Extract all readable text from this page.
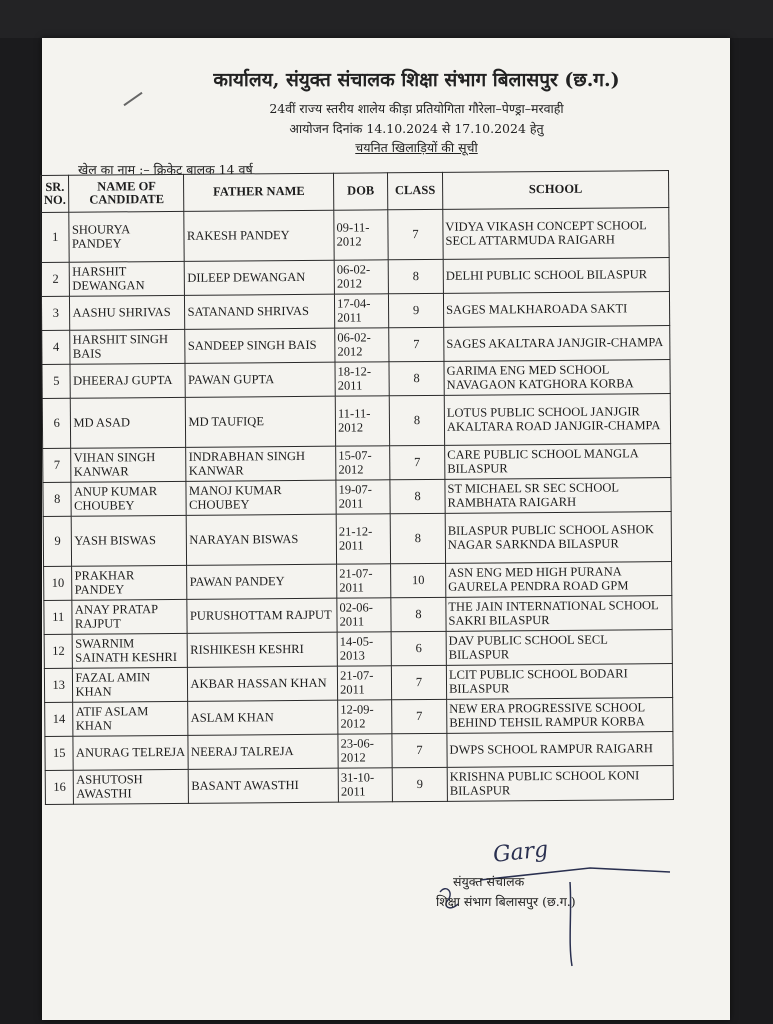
कार्यालय, संयुक्त संचालक शिक्षा संभाग बिलासपुर (छ.ग.)
24वीं राज्य स्तरीय शालेय कीड़ा प्रतियोगिता गौरेला–पेण्ड्रा–मरवाही
आयोजन दिनांक 14.10.2024 से 17.10.2024 हेतु
चयनित खिलाड़ियों की सूची
खेल का नाम :– क्रिकेट बालक 14 वर्ष
SR. NO.	NAME OF CANDIDATE	FATHER NAME	DOB	CLASS	SCHOOL
1	SHOURYA PANDEY	RAKESH PANDEY	09-11-2012	7	VIDYA VIKASH CONCEPT SCHOOL SECL ATTARMUDA RAIGARH
2	HARSHIT DEWANGAN	DILEEP DEWANGAN	06-02-2012	8	DELHI PUBLIC SCHOOL BILASPUR
3	AASHU SHRIVAS	SATANAND SHRIVAS	17-04-2011	9	SAGES MALKHAROADA SAKTI
4	HARSHIT SINGH BAIS	SANDEEP SINGH BAIS	06-02-2012	7	SAGES AKALTARA JANJGIR-CHAMPA
5	DHEERAJ GUPTA	PAWAN GUPTA	18-12-2011	8	GARIMA ENG MED SCHOOL NAVAGAON KATGHORA KORBA
6	MD ASAD	MD TAUFIQE	11-11-2012	8	LOTUS PUBLIC SCHOOL JANJGIR AKALTARA ROAD JANJGIR-CHAMPA
7	VIHAN SINGH KANWAR	INDRABHAN SINGH KANWAR	15-07-2012	7	CARE PUBLIC SCHOOL MANGLA BILASPUR
8	ANUP KUMAR CHOUBEY	MANOJ KUMAR CHOUBEY	19-07-2011	8	ST MICHAEL SR SEC SCHOOL RAMBHATA RAIGARH
9	YASH BISWAS	NARAYAN BISWAS	21-12-2011	8	BILASPUR PUBLIC SCHOOL ASHOK NAGAR SARKNDA BILASPUR
10	PRAKHAR PANDEY	PAWAN PANDEY	21-07-2011	10	ASN ENG MED HIGH PURANA GAURELA PENDRA ROAD GPM
11	ANAY PRATAP RAJPUT	PURUSHOTTAM RAJPUT	02-06-2011	8	THE JAIN INTERNATIONAL SCHOOL SAKRI BILASPUR
12	SWARNIM SAINATH KESHRI	RISHIKESH KESHRI	14-05-2013	6	DAV PUBLIC SCHOOL SECL BILASPUR
13	FAZAL AMIN KHAN	AKBAR HASSAN KHAN	21-07-2011	7	LCIT PUBLIC SCHOOL BODARI BILASPUR
14	ATIF ASLAM KHAN	ASLAM KHAN	12-09-2012	7	NEW ERA PROGRESSIVE SCHOOL BEHIND TEHSIL RAMPUR KORBA
15	ANURAG TELREJA	NEERAJ TALREJA	23-06-2012	7	DWPS SCHOOL RAMPUR RAIGARH
16	ASHUTOSH AWASTHI	BASANT AWASTHI	31-10-2011	9	KRISHNA PUBLIC SCHOOL KONI BILASPUR
Garg
संयुक्त संचालक
शिक्षा संभाग बिलासपुर (छ.ग.)
